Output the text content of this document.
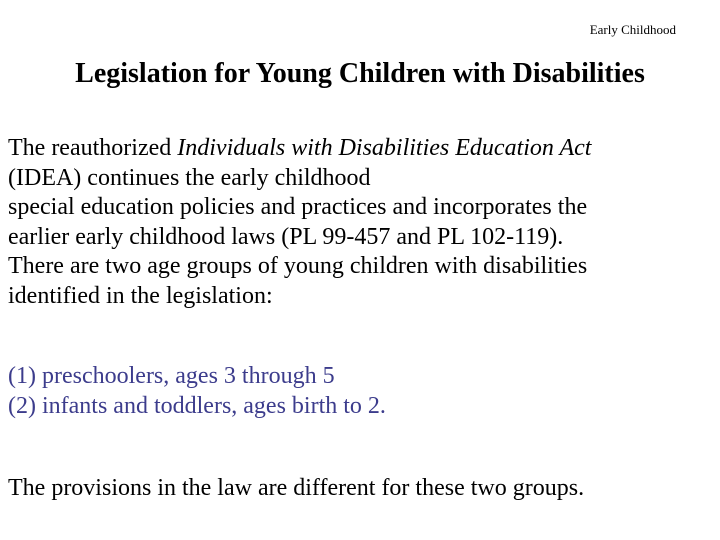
Early Childhood
Legislation for Young Children with Disabilities
The reauthorized Individuals with Disabilities Education Act
(IDEA) continues the early childhood
special education policies and practices and incorporates the
earlier early childhood laws (PL 99-457 and PL 102-119).
There are two age groups of young children with disabilities
identified in the legislation:
(1) preschoolers, ages 3 through 5
(2) infants and toddlers, ages birth to 2.
The provisions in the law are different for these two groups.
